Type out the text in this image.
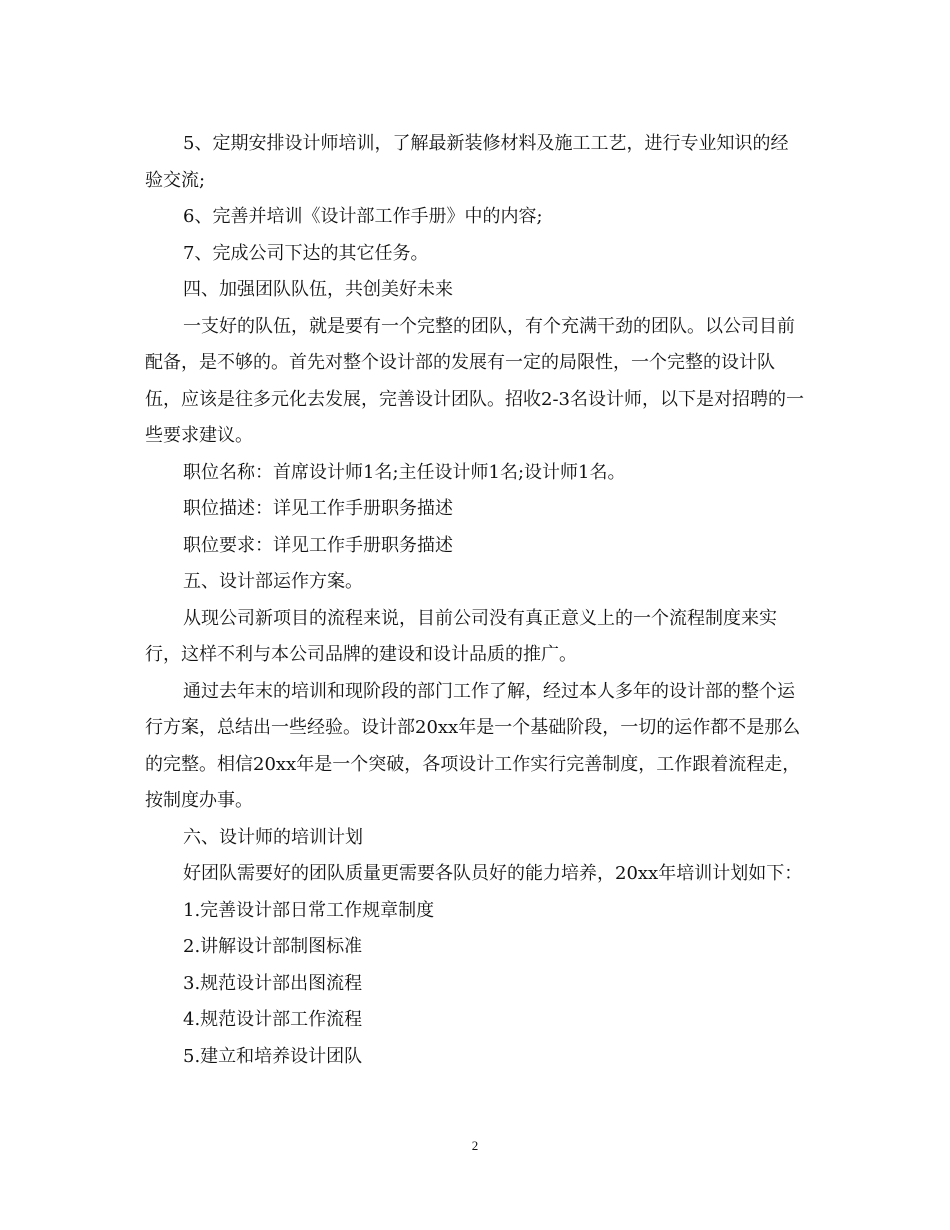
5、定期安排设计师培训，了解最新装修材料及施工工艺，进行专业知识的经验交流;

6、完善并培训《设计部工作手册》中的内容;

7、完成公司下达的其它任务。

四、加强团队队伍，共创美好未来

一支好的队伍，就是要有一个完整的团队，有个充满干劲的团队。以公司目前配备，是不够的。首先对整个设计部的发展有一定的局限性，一个完整的设计队伍，应该是往多元化去发展，完善设计团队。招收2-3名设计师，以下是对招聘的一些要求建议。

职位名称：首席设计师1名;主任设计师1名;设计师1名。

职位描述：详见工作手册职务描述

职位要求：详见工作手册职务描述

五、设计部运作方案。

从现公司新项目的流程来说，目前公司没有真正意义上的一个流程制度来实行，这样不利与本公司品牌的建设和设计品质的推广。

通过去年末的培训和现阶段的部门工作了解，经过本人多年的设计部的整个运行方案，总结出一些经验。设计部20xx年是一个基础阶段，一切的运作都不是那么的完整。相信20xx年是一个突破，各项设计工作实行完善制度，工作跟着流程走，按制度办事。

六、设计师的培训计划

好团队需要好的团队质量更需要各队员好的能力培养，20xx年培训计划如下：

1.完善设计部日常工作规章制度

2.讲解设计部制图标准

3.规范设计部出图流程

4.规范设计部工作流程

5.建立和培养设计团队

2
